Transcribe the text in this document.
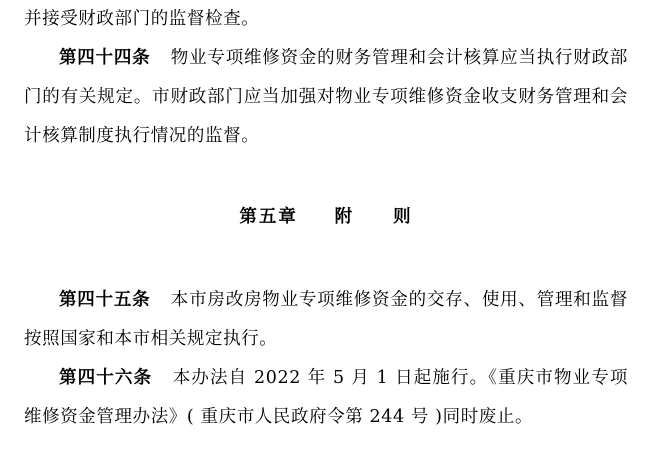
并接受财政部门的监督检查。

第四十四条 物业专项维修资金的财务管理和会计核算应当执行财政部门的有关规定。市财政部门应当加强对物业专项维修资金收支财务管理和会计核算制度执行情况的监督。

第五章 附　　则

第四十五条 本市房改房物业专项维修资金的交存、使用、管理和监督按照国家和本市相关规定执行。

第四十六条 本办法自 2022 年 5 月 1 日起施行。《重庆市物业专项维修资金管理办法》( 重庆市人民政府令第 244 号 )同时废止。
